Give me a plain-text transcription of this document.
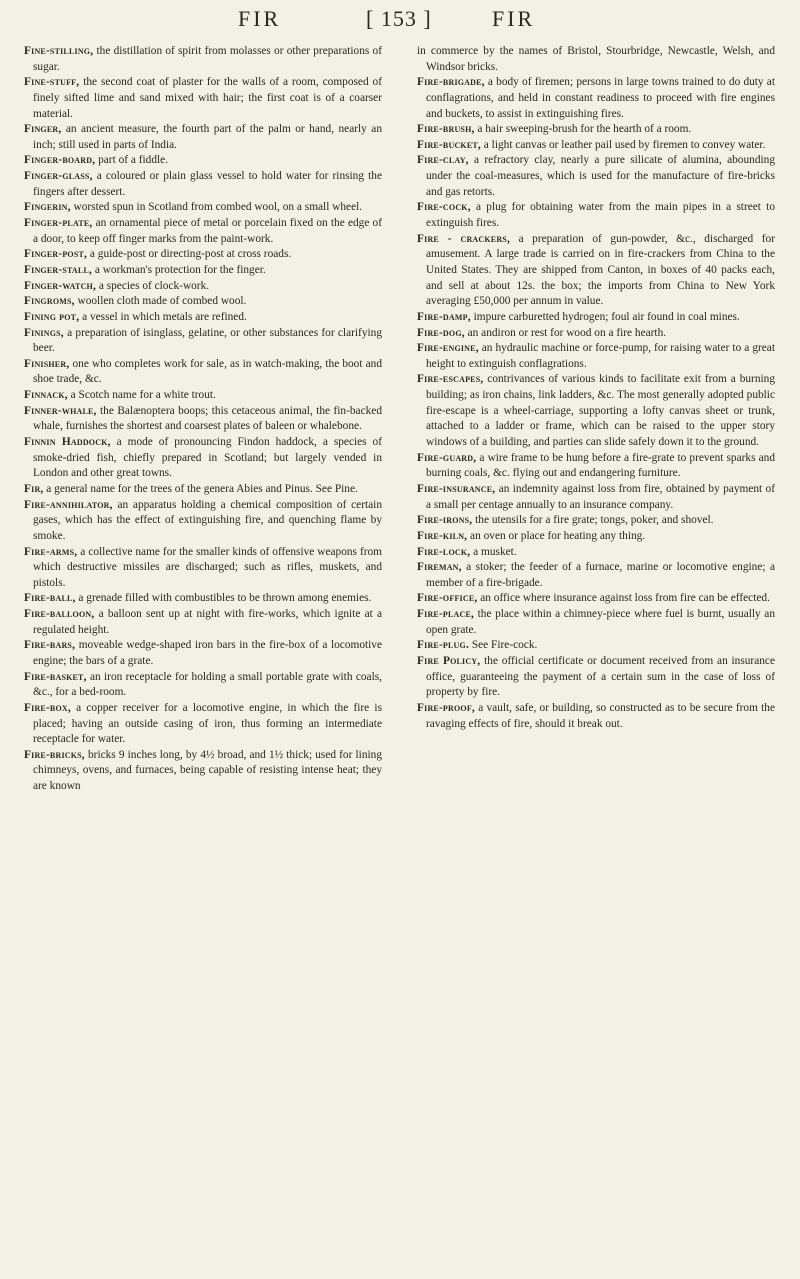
FIR	[ 153 ]	FIR

Fine-stilling, the distillation of spirit from molasses or other preparations of sugar.

Fine-stuff, the second coat of plaster for the walls of a room, composed of finely sifted lime and sand mixed with hair; the first coat is of a coarser material.

Finger, an ancient measure, the fourth part of the palm or hand, nearly an inch; still used in parts of India.

Finger-board, part of a fiddle.

Finger-glass, a coloured or plain glass vessel to hold water for rinsing the fingers after dessert.

Fingerin, worsted spun in Scotland from combed wool, on a small wheel.

Finger-plate, an ornamental piece of metal or porcelain fixed on the edge of a door, to keep off finger marks from the paint-work.

Finger-post, a guide-post or directing-post at cross roads.

Finger-stall, a workman's protection for the finger.

Finger-watch, a species of clock-work.

Fingroms, woollen cloth made of combed wool.

Fining pot, a vessel in which metals are refined.

Finings, a preparation of isinglass, gelatine, or other substances for clarifying beer.

Finisher, one who completes work for sale, as in watch-making, the boot and shoe trade, &c.

Finnack, a Scotch name for a white trout.

Finner-whale, the Balænoptera boops; this cetaceous animal, the fin-backed whale, furnishes the shortest and coarsest plates of baleen or whalebone.

Finnin Haddock, a mode of pronouncing Findon haddock, a species of smoke-dried fish, chiefly prepared in Scotland; but largely vended in London and other great towns.

Fir, a general name for the trees of the genera Abies and Pinus. See Pine.

Fire-annihilator, an apparatus holding a chemical composition of certain gases, which has the effect of extinguishing fire, and quenching flame by smoke.

Fire-arms, a collective name for the smaller kinds of offensive weapons from which destructive missiles are discharged; such as rifles, muskets, and pistols.

Fire-ball, a grenade filled with combustibles to be thrown among enemies.

Fire-balloon, a balloon sent up at night with fire-works, which ignite at a regulated height.

Fire-bars, moveable wedge-shaped iron bars in the fire-box of a locomotive engine; the bars of a grate.

Fire-basket, an iron receptacle for holding a small portable grate with coals, &c., for a bed-room.

Fire-box, a copper receiver for a locomotive engine, in which the fire is placed; having an outside casing of iron, thus forming an intermediate receptacle for water.

Fire-bricks, bricks 9 inches long, by 4½ broad, and 1½ thick; used for lining chimneys, ovens, and furnaces, being capable of resisting intense heat; they are known

in commerce by the names of Bristol, Stourbridge, Newcastle, Welsh, and Windsor bricks.

Fire-brigade, a body of firemen; persons in large towns trained to do duty at conflagrations, and held in constant readiness to proceed with fire engines and buckets, to assist in extinguishing fires.

Fire-brush, a hair sweeping-brush for the hearth of a room.

Fire-bucket, a light canvas or leather pail used by firemen to convey water.

Fire-clay, a refractory clay, nearly a pure silicate of alumina, abounding under the coal-measures, which is used for the manufacture of fire-bricks and gas retorts.

Fire-cock, a plug for obtaining water from the main pipes in a street to extinguish fires.

Fire - crackers, a preparation of gun-powder, &c., discharged for amusement. A large trade is carried on in fire-crackers from China to the United States. They are shipped from Canton, in boxes of 40 packs each, and sell at about 12s. the box; the imports from China to New York averaging £50,000 per annum in value.

Fire-damp, impure carburetted hydrogen; foul air found in coal mines.

Fire-dog, an andiron or rest for wood on a fire hearth.

Fire-engine, an hydraulic machine or force-pump, for raising water to a great height to extinguish conflagrations.

Fire-escapes, contrivances of various kinds to facilitate exit from a burning building; as iron chains, link ladders, &c. The most generally adopted public fire-escape is a wheel-carriage, supporting a lofty canvas sheet or trunk, attached to a ladder or frame, which can be raised to the upper story windows of a building, and parties can slide safely down it to the ground.

Fire-guard, a wire frame to be hung before a fire-grate to prevent sparks and burning coals, &c. flying out and endangering furniture.

Fire-insurance, an indemnity against loss from fire, obtained by payment of a small per centage annually to an insurance company.

Fire-irons, the utensils for a fire grate; tongs, poker, and shovel.

Fire-kiln, an oven or place for heating any thing.

Fire-lock, a musket.

Fireman, a stoker; the feeder of a furnace, marine or locomotive engine; a member of a fire-brigade.

Fire-office, an office where insurance against loss from fire can be effected.

Fire-place, the place within a chimney-piece where fuel is burnt, usually an open grate.

Fire-plug. See Fire-cock.

Fire Policy, the official certificate or document received from an insurance office, guaranteeing the payment of a certain sum in the case of loss of property by fire.

Fire-proof, a vault, safe, or building, so constructed as to be secure from the ravaging effects of fire, should it break out.
